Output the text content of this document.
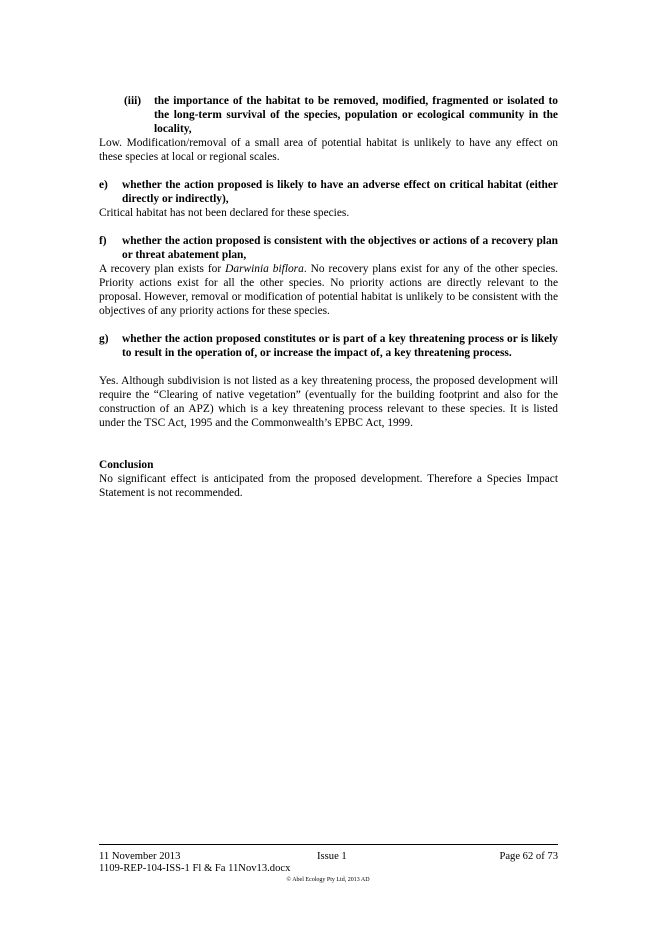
(iii)	the importance of the habitat to be removed, modified, fragmented or isolated to the long-term survival of the species, population or ecological community in the locality,
Low. Modification/removal of a small area of potential habitat is unlikely to have any effect on these species at local or regional scales.
e)	whether the action proposed is likely to have an adverse effect on critical habitat (either directly or indirectly),
Critical habitat has not been declared for these species.
f)	whether the action proposed is consistent with the objectives or actions of a recovery plan or threat abatement plan,
A recovery plan exists for Darwinia biflora. No recovery plans exist for any of the other species. Priority actions exist for all the other species. No priority actions are directly relevant to the proposal. However, removal or modification of potential habitat is unlikely to be consistent with the objectives of any priority actions for these species.
g)	whether the action proposed constitutes or is part of a key threatening process or is likely to result in the operation of, or increase the impact of, a key threatening process.
Yes. Although subdivision is not listed as a key threatening process, the proposed development will require the “Clearing of native vegetation” (eventually for the building footprint and also for the construction of an APZ) which is a key threatening process relevant to these species. It is listed under the TSC Act, 1995 and the Commonwealth’s EPBC Act, 1999.
Conclusion
No significant effect is anticipated from the proposed development. Therefore a Species Impact Statement is not recommended.
11 November 2013	Issue 1	Page 62 of 73
1109-REP-104-ISS-1 Fl & Fa 11Nov13.docx
© Abel Ecology Pty Ltd, 2013 AD
